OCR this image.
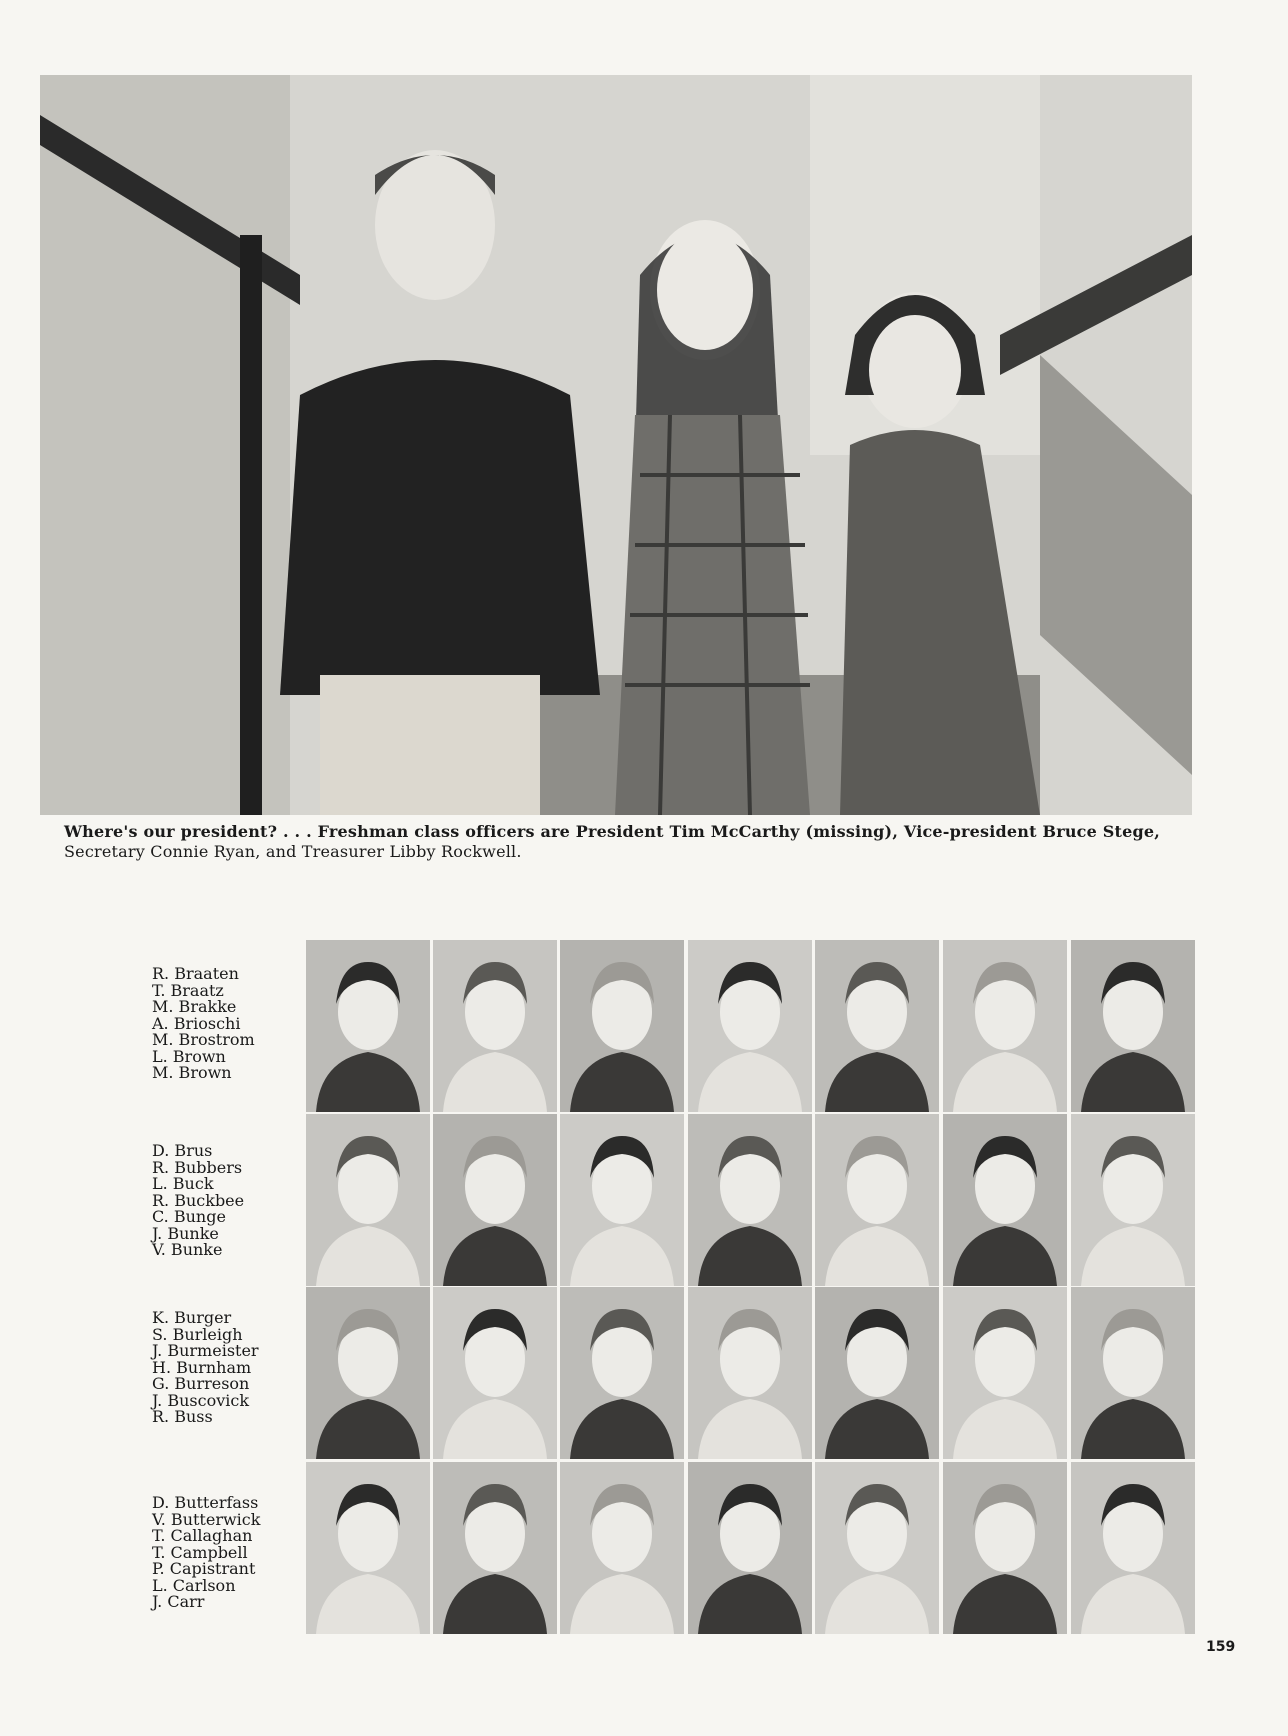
Where's our president? . . . Freshman class officers are President Tim McCarthy (missing), Vice-president Bruce Stege,
Secretary Connie Ryan, and Treasurer Libby Rockwell.
R. Braaten
T. Braatz
M. Brakke
A. Brioschi
M. Brostrom
L. Brown
M. Brown
D. Brus
R. Bubbers
L. Buck
R. Buckbee
C. Bunge
J. Bunke
V. Bunke
K. Burger
S. Burleigh
J. Burmeister
H. Burnham
G. Burreson
J. Buscovick
R. Buss
D. Butterfass
V. Butterwick
T. Callaghan
T. Campbell
P. Capistrant
L. Carlson
J. Carr
159
